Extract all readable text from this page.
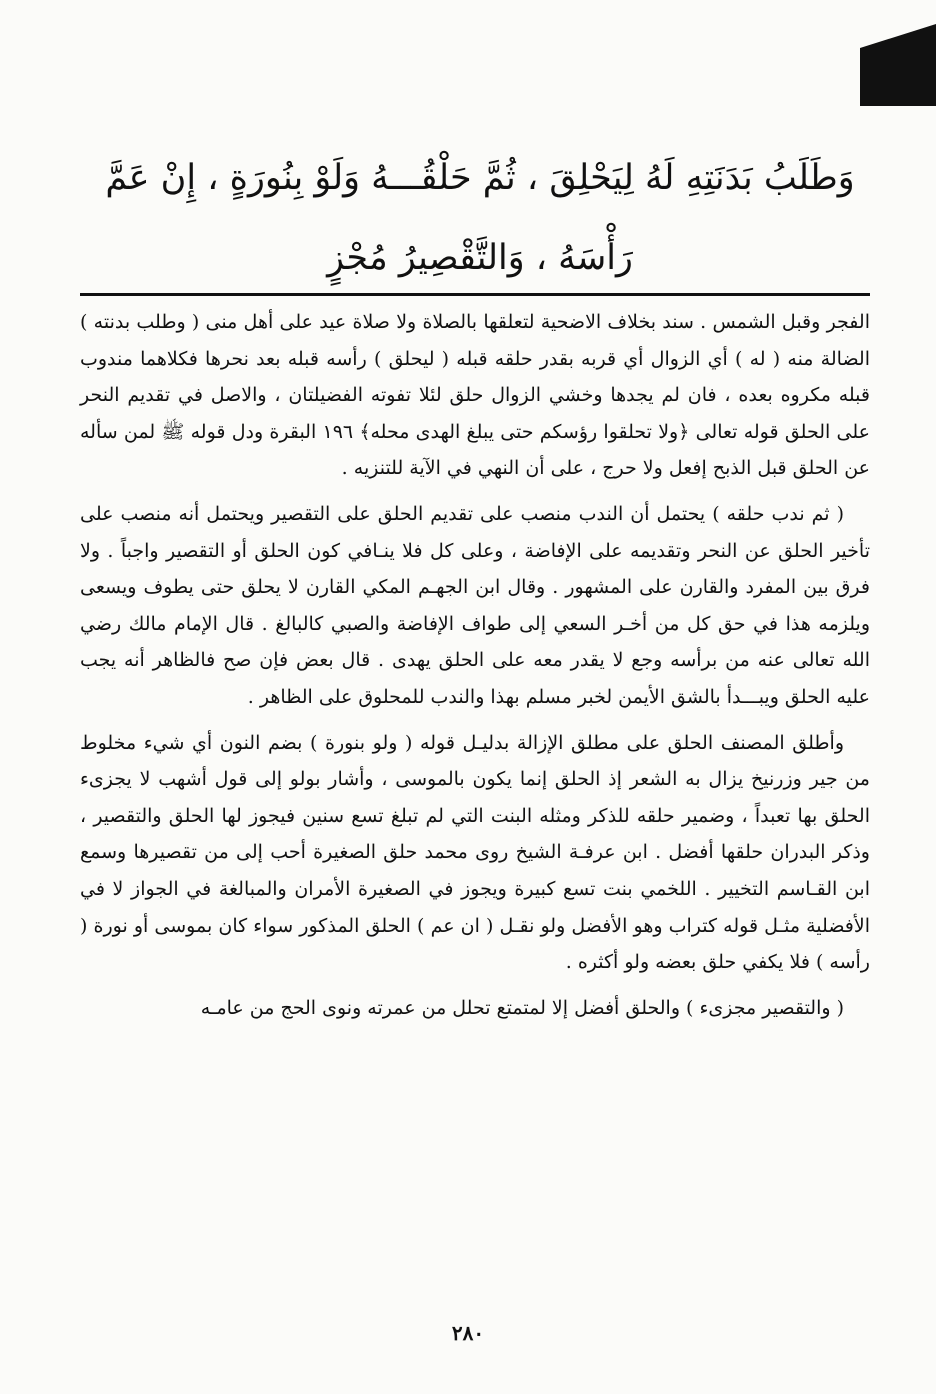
وَطَلَبُ بَدَنَتِهِ لَهُ لِيَحْلِقَ ، ثُمَّ حَلْقُـــهُ وَلَوْ بِنُورَةٍ ، إِنْ عَمَّ
رَأْسَهُ ، وَالتَّقْصِيرُ مُجْزٍ

الفجر وقبل الشمس . سند بخلاف الاضحية لتعلقها بالصلاة ولا صلاة عيد على أهل منى ( وطلب بدنته ) الضالة منه ( له ) أي الزوال أي قربه بقدر حلقه قبله ( ليحلق ) رأسه قبله بعد نحرها فكلاهما مندوب قبله مكروه بعده ، فان لم يجدها وخشي الزوال حلق لئلا تفوته الفضيلتان ، والاصل في تقديم النحر على الحلق قوله تعالى ﴿ولا تحلقوا رؤسكم حتى يبلغ الهدى محله﴾ ١٩٦ البقرة ودل قوله ﷺ لمن سأله عن الحلق قبل الذبح إفعل ولا حرج ، على أن النهي في الآية للتنزيه .

( ثم ندب حلقه ) يحتمل أن الندب منصب على تقديم الحلق على التقصير ويحتمل أنه منصب على تأخير الحلق عن النحر وتقديمه على الإفاضة ، وعلى كل فلا ينـافي كون الحلق أو التقصير واجباً . ولا فرق بين المفرد والقارن على المشهور . وقال ابن الجهـم المكي القارن لا يحلق حتى يطوف ويسعى ويلزمه هذا في حق كل من أخـر السعي إلى طواف الإفاضة والصبي كالبالغ . قال الإمام مالك رضي الله تعالى عنه من برأسه وجع لا يقدر معه على الحلق يهدى . قال بعض فإن صح فالظاهر أنه يجب عليه الحلق ويبـــدأ بالشق الأيمن لخبر مسلم بهذا والندب للمحلوق على الظاهر .

وأطلق المصنف الحلق على مطلق الإزالة بدليـل قوله ( ولو بنورة ) بضم النون أي شيء مخلوط من جير وزرنيخ يزال به الشعر إذ الحلق إنما يكون بالموسى ، وأشار بولو إلى قول أشهب لا يجزىء الحلق بها تعبداً ، وضمير حلقه للذكر ومثله البنت التي لم تبلغ تسع سنين فيجوز لها الحلق والتقصير ، وذكر البدران حلقها أفضل . ابن عرفـة الشيخ روى محمد حلق الصغيرة أحب إلى من تقصيرها وسمع ابن القـاسم التخيير . اللخمي بنت تسع كبيرة ويجوز في الصغيرة الأمران والمبالغة في الجواز لا في الأفضلية مثـل قوله كتراب وهو الأفضل ولو نقـل ( ان عم ) الحلق المذكور سواء كان بموسى أو نورة ( رأسه ) فلا يكفي حلق بعضه ولو أكثره .

( والتقصير مجزىء ) والحلق أفضل إلا لمتمتع تحلل من عمرته ونوى الحج من عامـه

٢٨٠
